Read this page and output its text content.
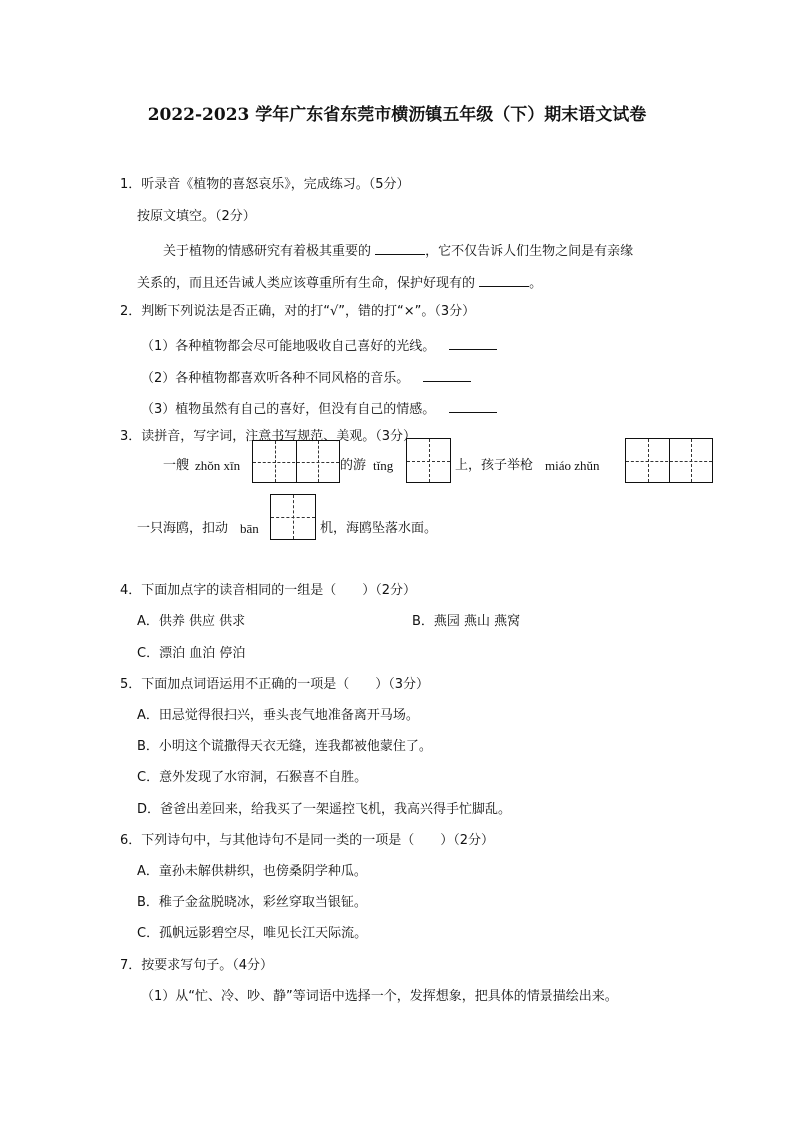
2022-2023 学年广东省东莞市横沥镇五年级（下）期末语文试卷
1．听录音《植物的喜怒哀乐》，完成练习。（5分）
按原文填空。（2分）
关于植物的情感研究有着极其重要的	，它不仅告诉人们生物之间是有亲缘
关系的，而且还告诫人类应该尊重所有生命，保护好现有的	。
2．判断下列说法是否正确，对的打“√”，错的打“×”。（3分）
（1）各种植物都会尽可能地吸收自己喜好的光线。
（2）各种植物都喜欢听各种不同风格的音乐。
（3）植物虽然有自己的喜好，但没有自己的情感。
3．读拼音，写字词，注意书写规范、美观。（3分）
一艘 zhǒn xīn	的游 tǐng	上，孩子举枪 miáo zhǔn
一只海鸥，扣动 bān	机，海鸥坠落水面。
4．下面加点字的读音相同的一组是（　　）（2分）
A．供养 供应 供求	B．燕园 燕山 燕窝
C．漂泊 血泊 停泊
5．下面加点词语运用不正确的一项是（　　）（3分）
A．田忌觉得很扫兴，垂头丧气地准备离开马场。
B．小明这个谎撒得天衣无缝，连我都被他蒙住了。
C．意外发现了水帘洞，石猴喜不自胜。
D．爸爸出差回来，给我买了一架遥控飞机，我高兴得手忙脚乱。
6．下列诗句中，与其他诗句不是同一类的一项是（　　）（2分）
A．童孙未解供耕织，也傍桑阴学种瓜。
B．稚子金盆脱晓冰，彩丝穿取当银钲。
C．孤帆远影碧空尽，唯见长江天际流。
7．按要求写句子。（4分）
（1）从“忙、冷、吵、静”等词语中选择一个，发挥想象，把具体的情景描绘出来。
